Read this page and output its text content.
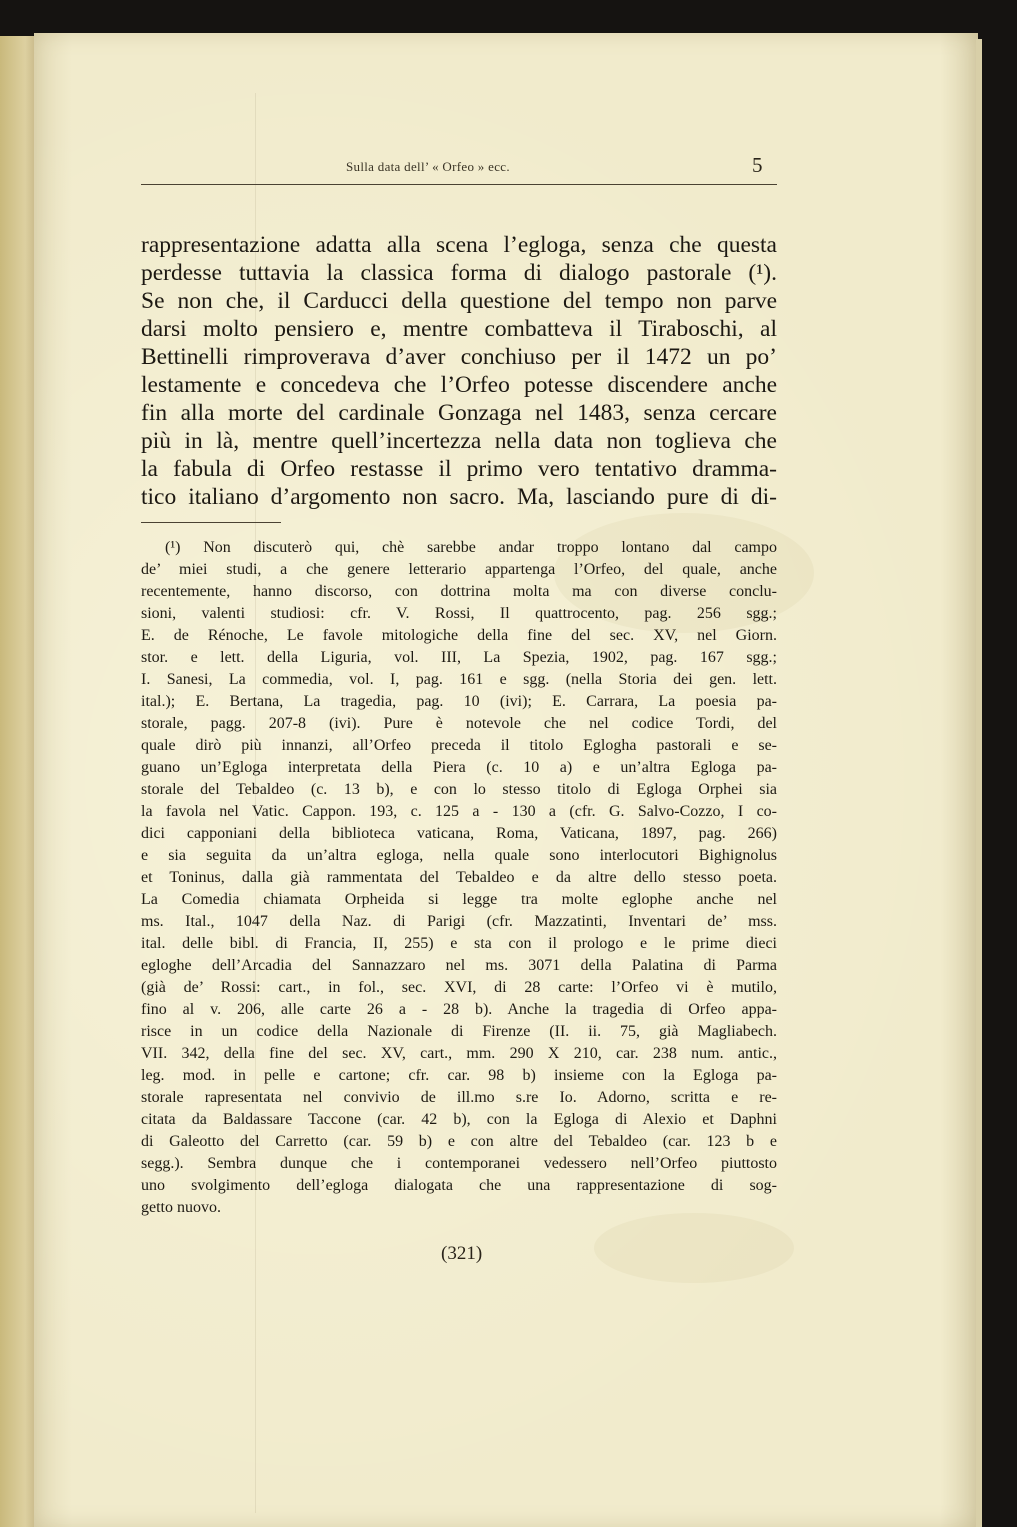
Sulla data dell’ « Orfeo » ecc.	5
rappresentazione adatta alla scena l’egloga, senza che questa
perdesse tuttavia la classica forma di dialogo pastorale (¹).
Se non che, il Carducci della questione del tempo non parve
darsi molto pensiero e, mentre combatteva il Tiraboschi, al
Bettinelli rimproverava d’aver conchiuso per il 1472 un po’
lestamente e concedeva che l’Orfeo potesse discendere anche
fin alla morte del cardinale Gonzaga nel 1483, senza cercare
più in là, mentre quell’incertezza nella data non toglieva che
la fabula di Orfeo restasse il primo vero tentativo dramma-
tico italiano d’argomento non sacro. Ma, lasciando pure di di-
(¹) Non discuterò qui, chè sarebbe andar troppo lontano dal campo
de’ miei studi, a che genere letterario appartenga l’Orfeo, del quale, anche
recentemente, hanno discorso, con dottrina molta ma con diverse conclu-
sioni, valenti studiosi: cfr. V. Rossi, Il quattrocento, pag. 256 sgg.;
E. de Rénoche, Le favole mitologiche della fine del sec. XV, nel Giorn.
stor. e lett. della Liguria, vol. III, La Spezia, 1902, pag. 167 sgg.;
I. Sanesi, La commedia, vol. I, pag. 161 e sgg. (nella Storia dei gen. lett.
ital.); E. Bertana, La tragedia, pag. 10 (ivi); E. Carrara, La poesia pa-
storale, pagg. 207-8 (ivi). Pure è notevole che nel codice Tordi, del
quale dirò più innanzi, all’Orfeo preceda il titolo Eglogha pastorali e se-
guano un’Egloga interpretata della Piera (c. 10 a) e un’altra Egloga pa-
storale del Tebaldeo (c. 13 b), e con lo stesso titolo di Egloga Orphei sia
la favola nel Vatic. Cappon. 193, c. 125 a - 130 a (cfr. G. Salvo-Cozzo, I co-
dici capponiani della biblioteca vaticana, Roma, Vaticana, 1897, pag. 266)
e sia seguita da un’altra egloga, nella quale sono interlocutori Bighignolus
et Toninus, dalla già rammentata del Tebaldeo e da altre dello stesso poeta.
La Comedia chiamata Orpheida si legge tra molte eglophe anche nel
ms. Ital., 1047 della Naz. di Parigi (cfr. Mazzatinti, Inventari de’ mss.
ital. delle bibl. di Francia, II, 255) e sta con il prologo e le prime dieci
egloghe dell’Arcadia del Sannazzaro nel ms. 3071 della Palatina di Parma
(già de’ Rossi: cart., in fol., sec. XVI, di 28 carte: l’Orfeo vi è mutilo,
fino al v. 206, alle carte 26 a - 28 b). Anche la tragedia di Orfeo appa-
risce in un codice della Nazionale di Firenze (II. ii. 75, già Magliabech.
VII. 342, della fine del sec. XV, cart., mm. 290 X 210, car. 238 num. antic.,
leg. mod. in pelle e cartone; cfr. car. 98 b) insieme con la Egloga pa-
storale rapresentata nel convivio de ill.mo s.re Io. Adorno, scritta e re-
citata da Baldassare Taccone (car. 42 b), con la Egloga di Alexio et Daphni
di Galeotto del Carretto (car. 59 b) e con altre del Tebaldeo (car. 123 b e
segg.). Sembra dunque che i contemporanei vedessero nell’Orfeo piuttosto
uno svolgimento dell’egloga dialogata che una rappresentazione di sog-
getto nuovo.
(321)
